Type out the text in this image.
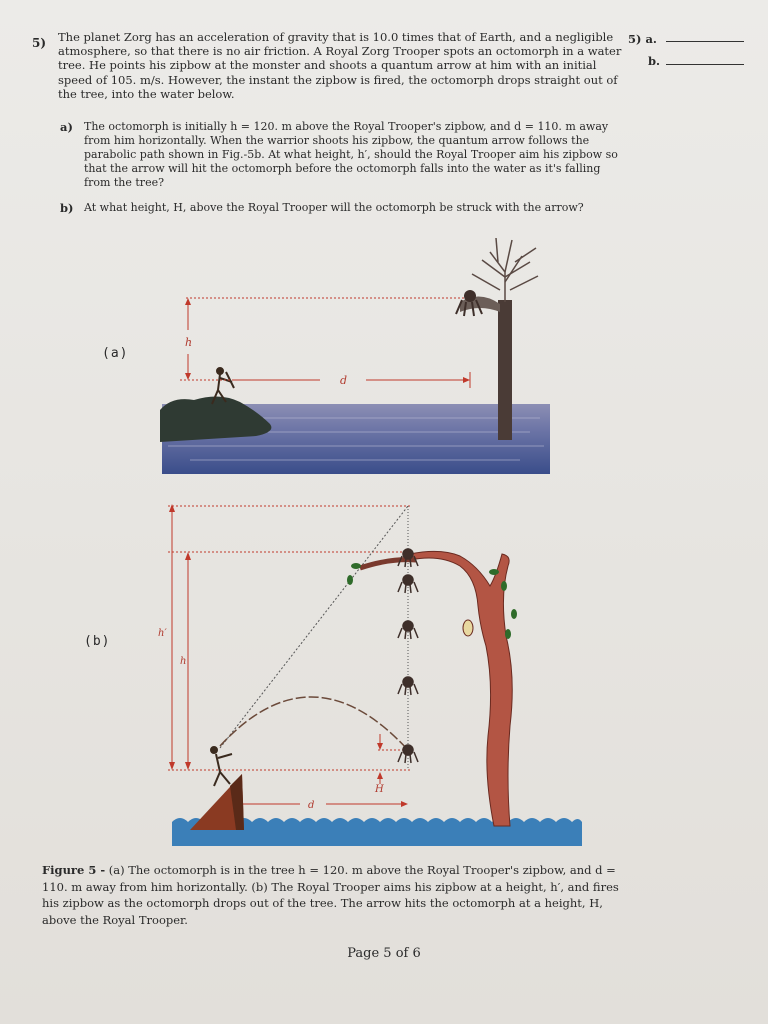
5) The planet Zorg has an acceleration of gravity that is 10.0 times that of Earth, and a negligible atmosphere, so that there is no air friction. A Royal Zorg Trooper spots an octomorph in a water tree. He points his zipbow at the monster and shoots a quantum arrow at him with an initial speed of 105. m/s. However, the instant the zipbow is fired, the octomorph drops straight out of the tree, into the water below.
5) a.
b.
a) The octomorph is initially h = 120. m above the Royal Trooper's zipbow, and d = 110. m away from him horizontally. When the warrior shoots his zipbow, the quantum arrow follows the parabolic path shown in Fig.-5b. At what height, h′, should the Royal Trooper aim his zipbow so that the arrow will hit the octomorph before the octomorph falls into the water as it's falling from the tree?
b) At what height, H, above the Royal Trooper will the octomorph be struck with the arrow?
(a)
h
d
(b)
h′
h
H
d
Figure 5 - (a) The octomorph is in the tree h = 120. m above the Royal Trooper's zipbow, and d = 110. m away from him horizontally. (b) The Royal Trooper aims his zipbow at a height, h′, and fires his zipbow as the octomorph drops out of the tree. The arrow hits the octomorph at a height, H, above the Royal Trooper.
Page 5 of 6
